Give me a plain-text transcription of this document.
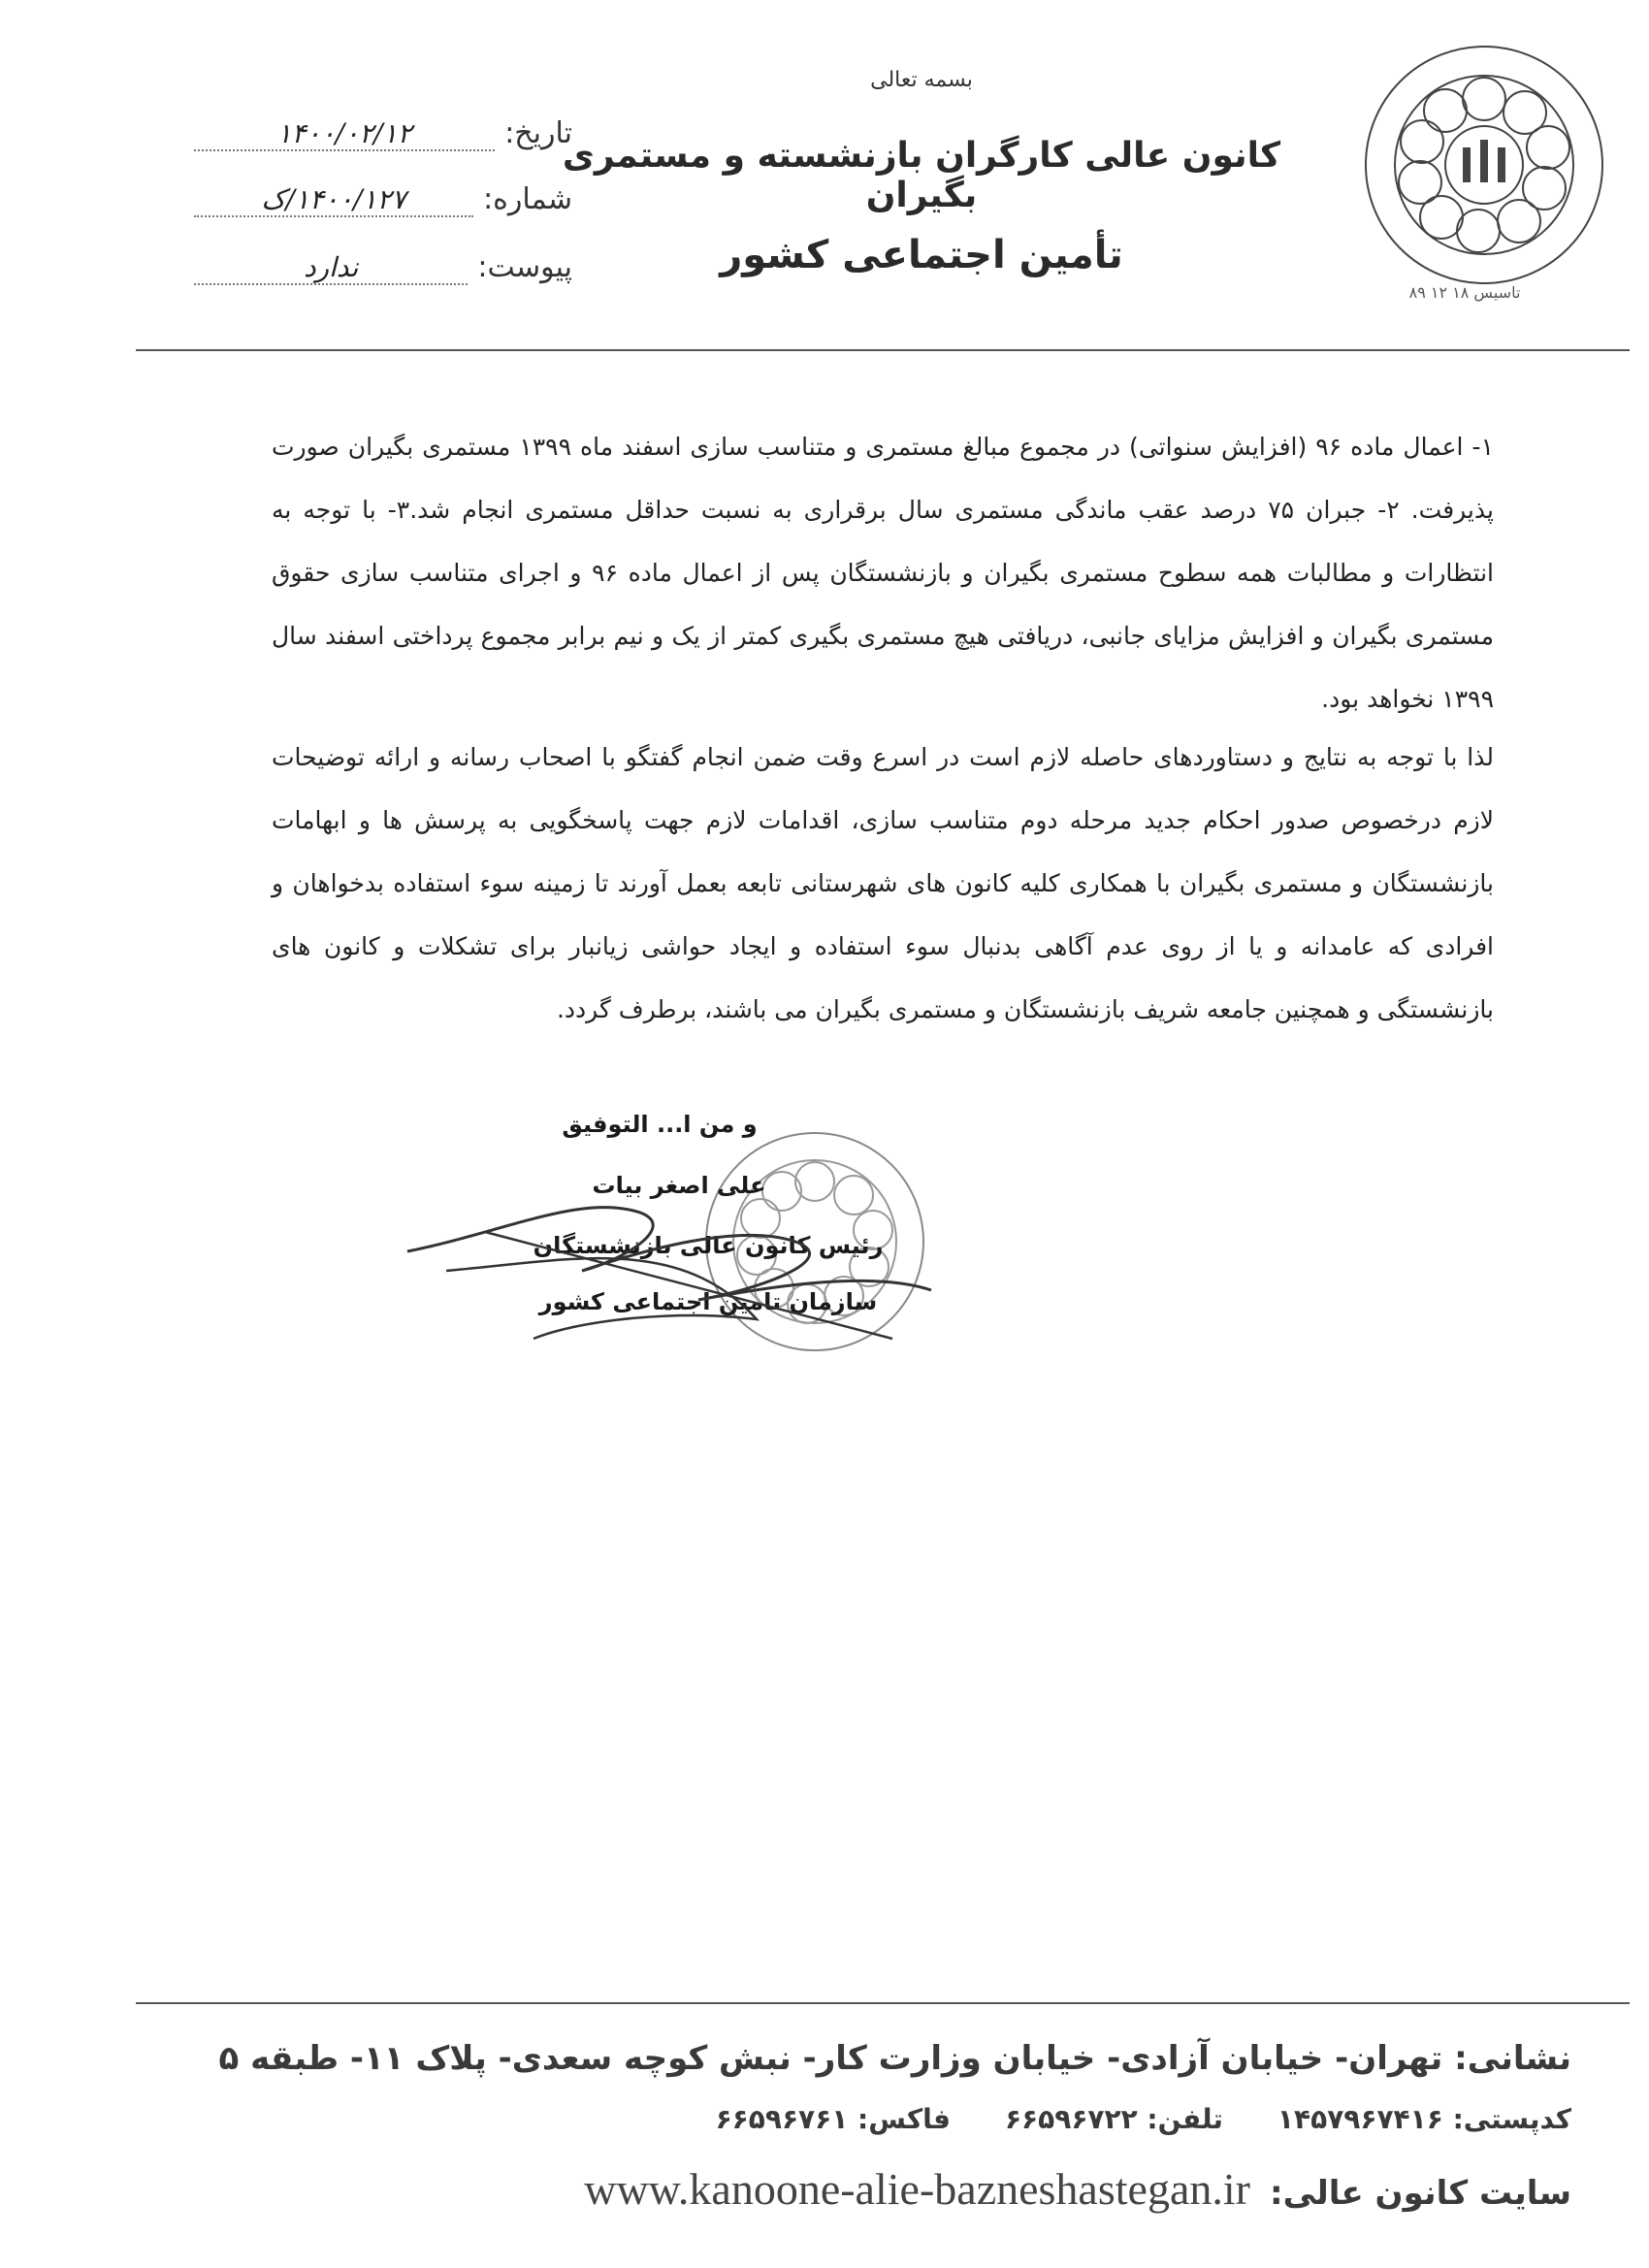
تاسیس ۱۸ ۱۲ ۸۹
بسمه تعالی
کانون عالی کارگران بازنشسته و مستمری بگیران
تأمین اجتماعی کشور
تاریخ:
۱۴۰۰/۰۲/۱۲
شماره:
۱۴۰۰/۱۲۷/ک
پیوست:
ندارد
۱- اعمال ماده ۹۶ (افزایش سنواتی) در مجموع مبالغ مستمری و متناسب سازی اسفند ماه ۱۳۹۹ مستمری بگیران صورت پذیرفت. ۲- جبران ۷۵ درصد عقب ماندگی مستمری سال برقراری به نسبت حداقل مستمری انجام شد.۳- با توجه به انتظارات و مطالبات همه سطوح مستمری بگیران و بازنشستگان پس از اعمال ماده ۹۶ و اجرای متناسب سازی حقوق مستمری بگیران و افزایش مزایای جانبی، دریافتی هیچ مستمری بگیری کمتر از یک و نیم برابر مجموع پرداختی اسفند سال ۱۳۹۹ نخواهد بود.
لذا با توجه به نتایج و دستاوردهای حاصله لازم است در اسرع وقت ضمن انجام گفتگو با اصحاب رسانه و ارائه توضیحات لازم درخصوص صدور احکام جدید مرحله دوم متناسب سازی، اقدامات لازم جهت پاسخگویی به پرسش ها و ابهامات بازنشستگان و مستمری بگیران با همکاری کلیه کانون های شهرستانی تابعه بعمل آورند تا زمینه سوء استفاده بدخواهان و افرادی که عامدانه و یا از روی عدم آگاهی بدنبال سوء استفاده و ایجاد حواشی زیانبار برای تشکلات و کانون های بازنشستگی و همچنین جامعه شریف بازنشستگان و مستمری بگیران می باشند، برطرف گردد.
و من ا... التوفیق
علی اصغر بیات
رئیس کانون عالی بازنشستگان
سازمان تامین اجتماعی کشور
نشانی: تهران- خیابان آزادی- خیابان وزارت کار- نبش کوچه سعدی- پلاک ۱۱- طبقه ۵
کدپستی: ۱۴۵۷۹۶۷۴۱۶
تلفن: ۶۶۵۹۶۷۲۲
فاکس: ۶۶۵۹۶۷۶۱
سایت کانون عالی:
www.kanoone-alie-bazneshastegan.ir
